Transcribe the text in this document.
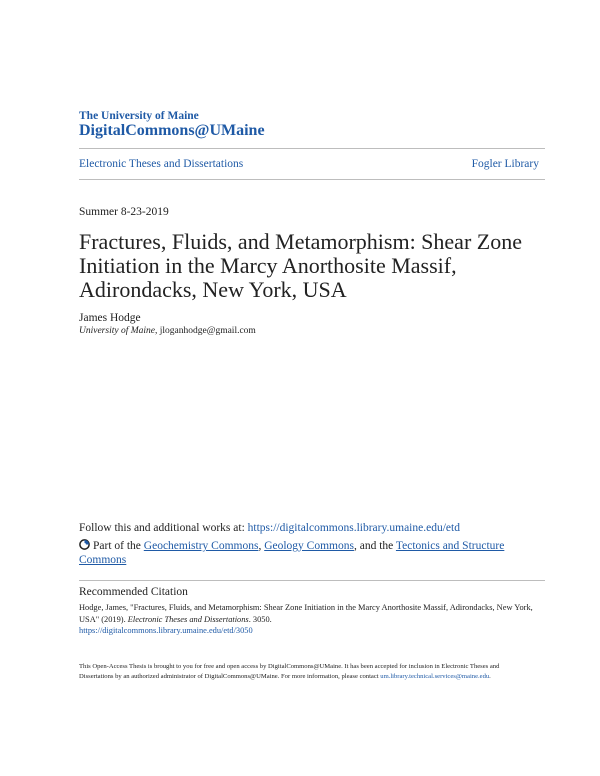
The University of Maine
DigitalCommons@UMaine
Electronic Theses and Dissertations	Fogler Library
Summer 8-23-2019
Fractures, Fluids, and Metamorphism: Shear Zone Initiation in the Marcy Anorthosite Massif, Adirondacks, New York, USA
James Hodge
University of Maine, jloganhodge@gmail.com
Follow this and additional works at: https://digitalcommons.library.umaine.edu/etd
Part of the Geochemistry Commons, Geology Commons, and the Tectonics and Structure Commons
Recommended Citation
Hodge, James, "Fractures, Fluids, and Metamorphism: Shear Zone Initiation in the Marcy Anorthosite Massif, Adirondacks, New York, USA" (2019). Electronic Theses and Dissertations. 3050.
https://digitalcommons.library.umaine.edu/etd/3050
This Open-Access Thesis is brought to you for free and open access by DigitalCommons@UMaine. It has been accepted for inclusion in Electronic Theses and Dissertations by an authorized administrator of DigitalCommons@UMaine. For more information, please contact um.library.technical.services@maine.edu.
